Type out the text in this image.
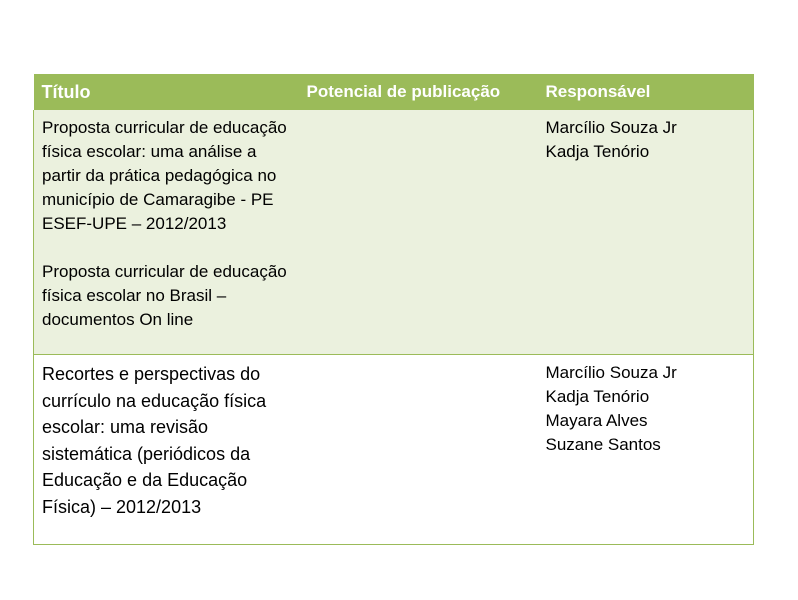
Título	Potencial de publicação	Responsável

Proposta curricular de educação física escolar: uma análise a partir da prática pedagógica no município de Camaragibe - PE ESEF-UPE – 2012/2013
Proposta curricular de educação física escolar no Brasil – documentos On line		Marcílio Souza Jr
Kadja Tenório

Recortes e perspectivas do currículo na educação física escolar: uma revisão sistemática (periódicos da Educação e da Educação Física) – 2012/2013		Marcílio Souza Jr
Kadja Tenório
Mayara Alves
Suzane Santos
